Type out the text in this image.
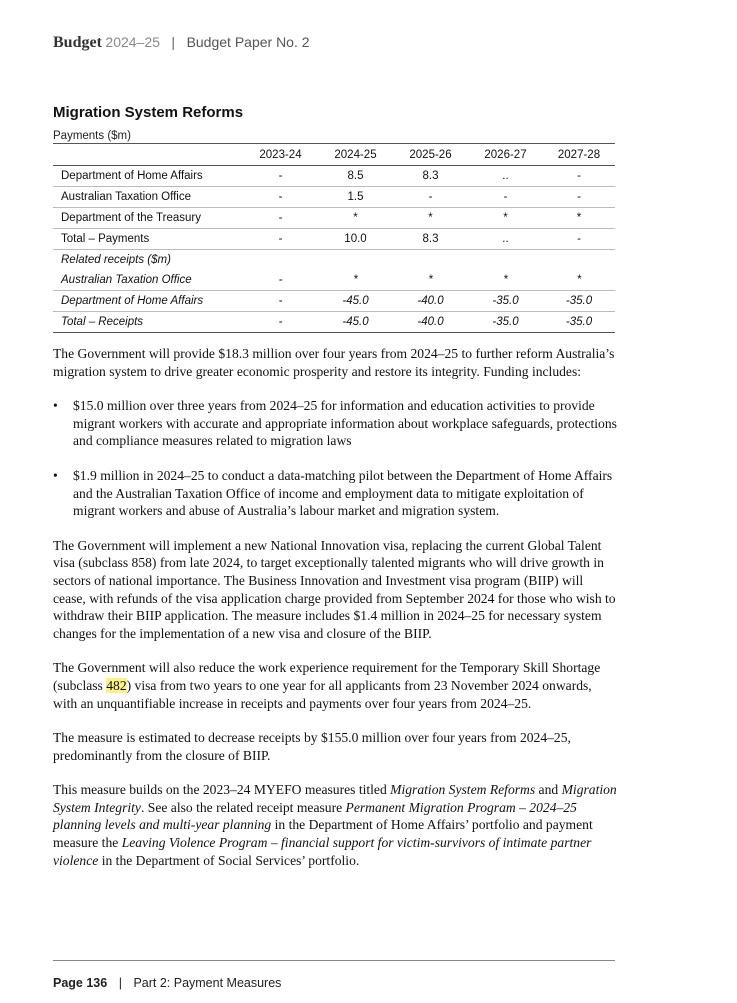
Budget 2024–25 | Budget Paper No. 2
Migration System Reforms
Payments ($m)
	2023-24	2024-25	2025-26	2026-27	2027-28
Department of Home Affairs	-	8.5	8.3	..	-
Australian Taxation Office	-	1.5	-	-	-
Department of the Treasury	-	*	*	*	*
Total – Payments	-	10.0	8.3	..	-
Related receipts ($m)					
Australian Taxation Office	-	*	*	*	*
Department of Home Affairs	-	-45.0	-40.0	-35.0	-35.0
Total – Receipts	-	-45.0	-40.0	-35.0	-35.0

The Government will provide $18.3 million over four years from 2024–25 to further reform Australia’s migration system to drive greater economic prosperity and restore its integrity. Funding includes:

• $15.0 million over three years from 2024–25 for information and education activities to provide migrant workers with accurate and appropriate information about workplace safeguards, protections and compliance measures related to migration laws
• $1.9 million in 2024–25 to conduct a data-matching pilot between the Department of Home Affairs and the Australian Taxation Office of income and employment data to mitigate exploitation of migrant workers and abuse of Australia’s labour market and migration system.

The Government will implement a new National Innovation visa, replacing the current Global Talent visa (subclass 858) from late 2024, to target exceptionally talented migrants who will drive growth in sectors of national importance. The Business Innovation and Investment visa program (BIIP) will cease, with refunds of the visa application charge provided from September 2024 for those who wish to withdraw their BIIP application. The measure includes $1.4 million in 2024–25 for necessary system changes for the implementation of a new visa and closure of the BIIP.

The Government will also reduce the work experience requirement for the Temporary Skill Shortage (subclass 482) visa from two years to one year for all applicants from 23 November 2024 onwards, with an unquantifiable increase in receipts and payments over four years from 2024–25.

The measure is estimated to decrease receipts by $155.0 million over four years from 2024–25, predominantly from the closure of BIIP.

This measure builds on the 2023–24 MYEFO measures titled Migration System Reforms and Migration System Integrity. See also the related receipt measure Permanent Migration Program – 2024–25 planning levels and multi-year planning in the Department of Home Affairs’ portfolio and payment measure the Leaving Violence Program – financial support for victim-survivors of intimate partner violence in the Department of Social Services’ portfolio.

Page 136 | Part 2: Payment Measures
